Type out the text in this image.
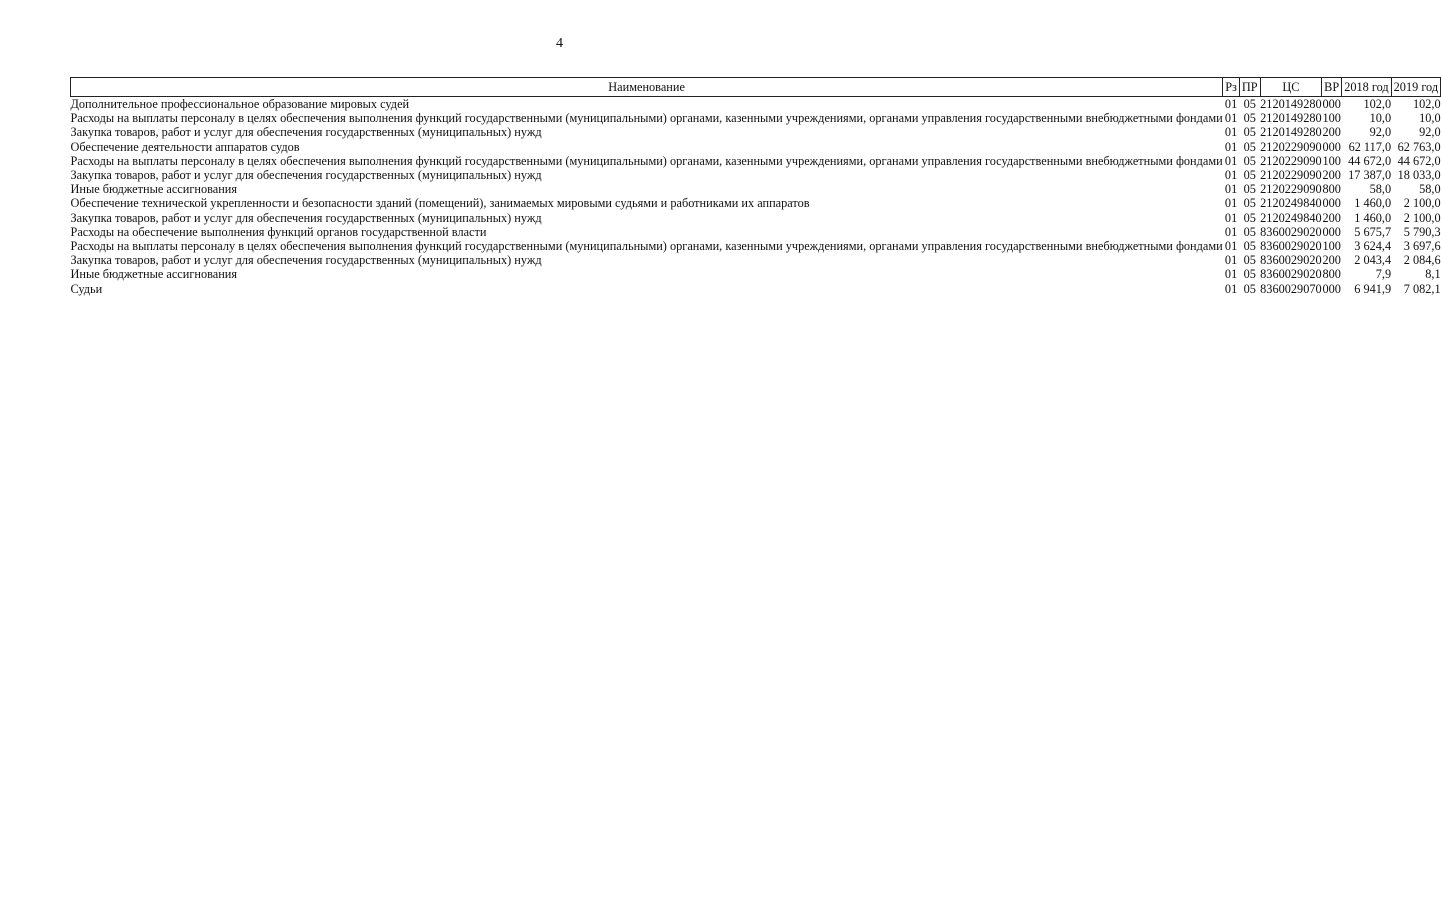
4
Наименование	Рз	ПР	ЦС	ВР	2018 год	2019 год
Дополнительное профессиональное образование мировых судей	01	05	2120149280	000	102,0	102,0
Расходы на выплаты персоналу в целях обеспечения выполнения функций государственными (муниципальными) органами, казенными учреждениями, органами управления государственными внебюджетными фондами	01	05	2120149280	100	10,0	10,0
Закупка товаров, работ и услуг для обеспечения государственных (муниципальных) нужд	01	05	2120149280	200	92,0	92,0
Обеспечение деятельности аппаратов судов	01	05	2120229090	000	62 117,0	62 763,0
Расходы на выплаты персоналу в целях обеспечения выполнения функций государственными (муниципальными) органами, казенными учреждениями, органами управления государственными внебюджетными фондами	01	05	2120229090	100	44 672,0	44 672,0
Закупка товаров, работ и услуг для обеспечения государственных (муниципальных) нужд	01	05	2120229090	200	17 387,0	18 033,0
Иные бюджетные ассигнования	01	05	2120229090	800	58,0	58,0
Обеспечение технической укрепленности и безопасности зданий (помещений), занимаемых мировыми судьями и работниками их аппаратов	01	05	2120249840	000	1 460,0	2 100,0
Закупка товаров, работ и услуг для обеспечения государственных (муниципальных) нужд	01	05	2120249840	200	1 460,0	2 100,0
Расходы на обеспечение выполнения функций органов государственной власти	01	05	8360029020	000	5 675,7	5 790,3
Расходы на выплаты персоналу в целях обеспечения выполнения функций государственными (муниципальными) органами, казенными учреждениями, органами управления государственными внебюджетными фондами	01	05	8360029020	100	3 624,4	3 697,6
Закупка товаров, работ и услуг для обеспечения государственных (муниципальных) нужд	01	05	8360029020	200	2 043,4	2 084,6
Иные бюджетные ассигнования	01	05	8360029020	800	7,9	8,1
Судьи	01	05	8360029070	000	6 941,9	7 082,1
